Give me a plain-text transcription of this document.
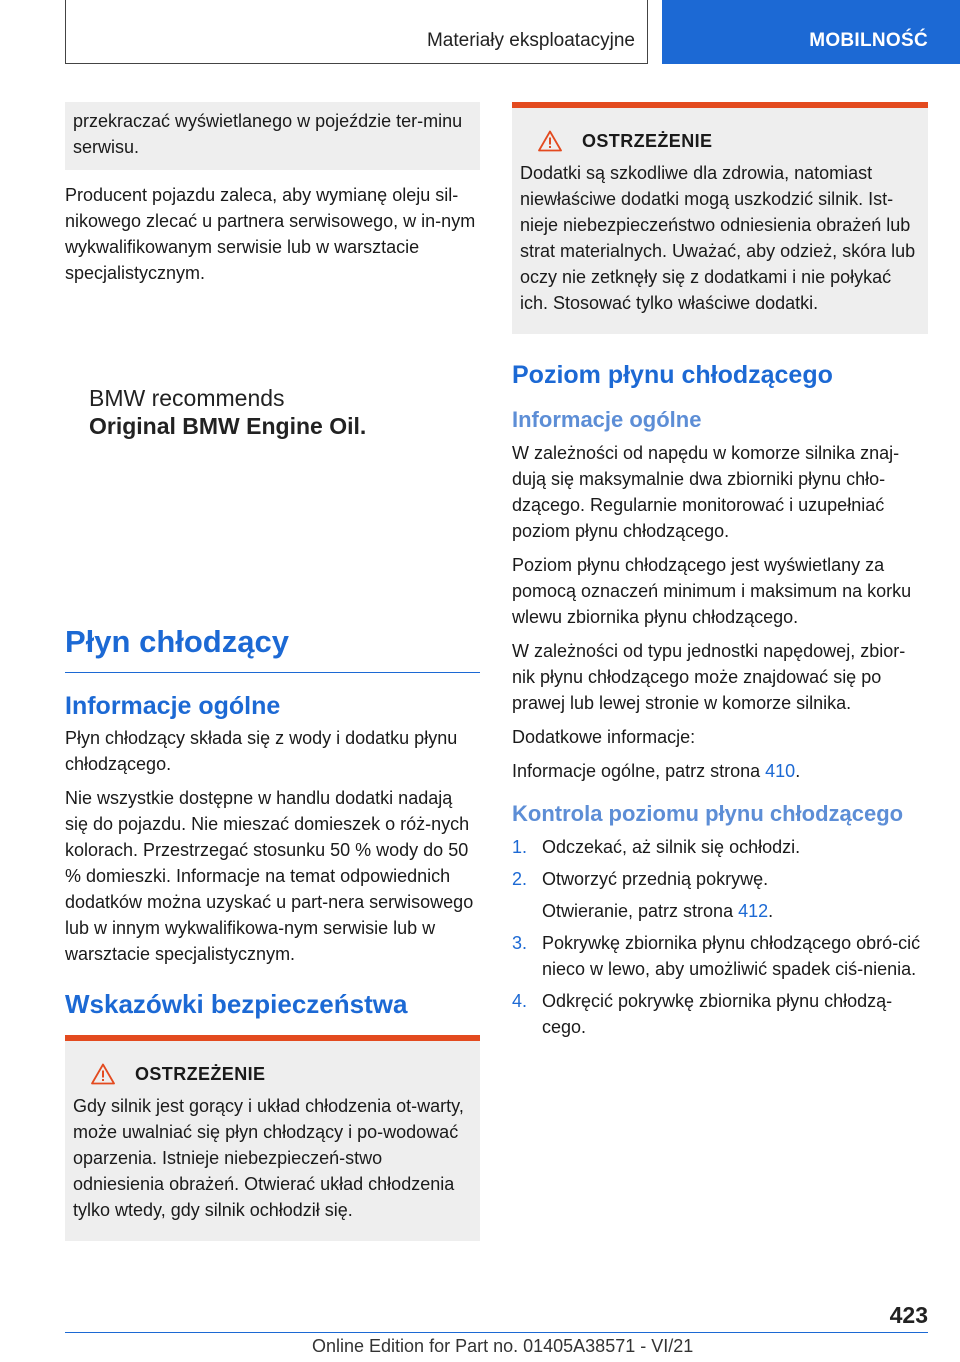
Materiały eksploatacyjne	MOBILNOŚĆ

przekraczać wyświetlanego w pojeździe ter-minu serwisu.

Producent pojazdu zaleca, aby wymianę oleju sil-nikowego zlecać u partnera serwisowego, w in-nym wykwalifikowanym serwisie lub w warsztacie specjalistycznym.

BMW recommends
Original BMW Engine Oil.
Płyn chłodzący
Informacje ogólne

Płyn chłodzący składa się z wody i dodatku płynu chłodzącego.

Nie wszystkie dostępne w handlu dodatki nadają się do pojazdu. Nie mieszać domieszek o róż-nych kolorach. Przestrzegać stosunku 50 % wody do 50 % domieszki. Informacje na temat odpowiednich dodatków można uzyskać u part-nera serwisowego lub w innym wykwalifikowa-nym serwisie lub w warsztacie specjalistycznym.

Wskazówki bezpieczeństwa
OSTRZEŻENIE

Gdy silnik jest gorący i układ chłodzenia ot-warty, może uwalniać się płyn chłodzący i po-wodować oparzenia. Istnieje niebezpieczeń-stwo odniesienia obrażeń. Otwierać układ chłodzenia tylko wtedy, gdy silnik ochłodził się.

OSTRZEŻENIE

Dodatki są szkodliwe dla zdrowia, natomiast niewłaściwe dodatki mogą uszkodzić silnik. Ist-nieje niebezpieczeństwo odniesienia obrażeń lub strat materialnych. Uważać, aby odzież, skóra lub oczy nie zetknęły się z dodatkami i nie połykać ich. Stosować tylko właściwe dodatki.

Poziom płynu chłodzącego
Informacje ogólne

W zależności od napędu w komorze silnika znaj-dują się maksymalnie dwa zbiorniki płynu chło-dzącego. Regularnie monitorować i uzupełniać poziom płynu chłodzącego.

Poziom płynu chłodzącego jest wyświetlany za pomocą oznaczeń minimum i maksimum na korku wlewu zbiornika płynu chłodzącego.

W zależności od typu jednostki napędowej, zbior-nik płynu chłodzącego może znajdować się po prawej lub lewej stronie w komorze silnika.

Dodatkowe informacje:

Informacje ogólne, patrz strona 410.

Kontrola poziomu płynu chłodzącego
1. Odczekać, aż silnik się ochłodzi.
2. Otworzyć przednią pokrywę.
Otwieranie, patrz strona 412.
3. Pokrywkę zbiornika płynu chłodzącego obró-cić nieco w lewo, aby umożliwić spadek ciś-nienia.
4. Odkręcić pokrywkę zbiornika płynu chłodzą-cego.
423
Online Edition for Part no. 01405A38571 - VI/21
